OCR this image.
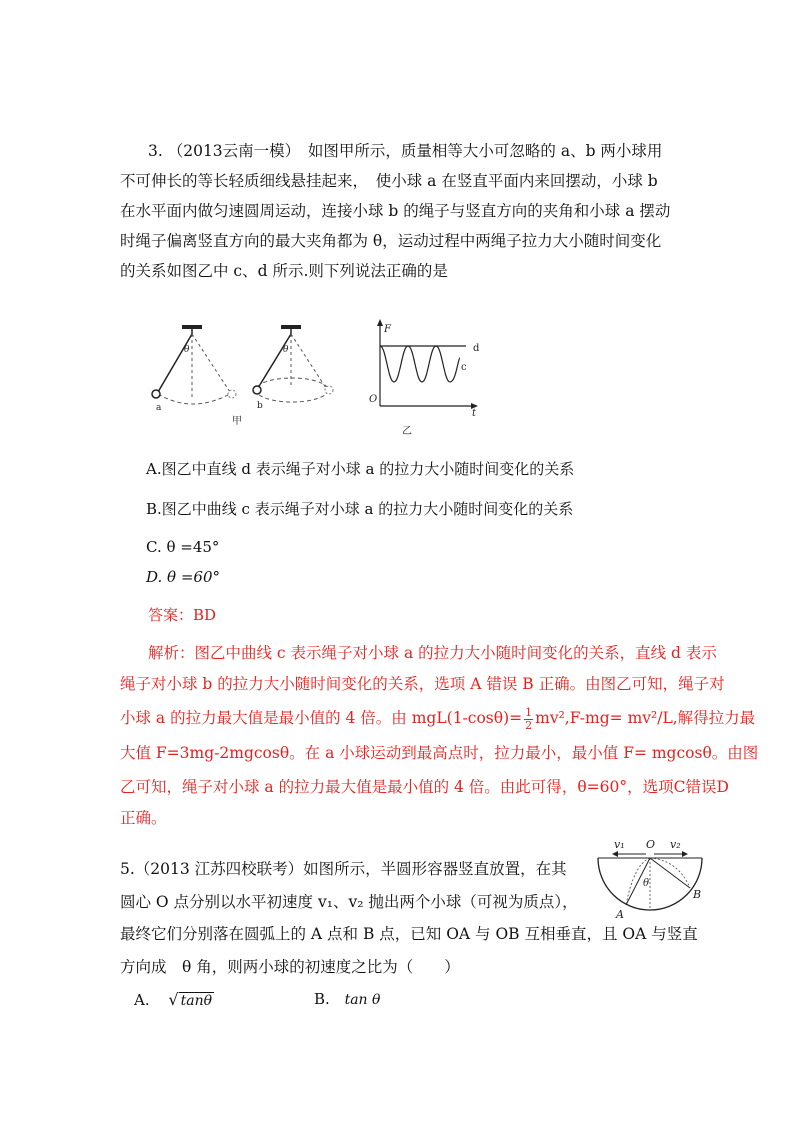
3. （2013云南一模）　如图甲所示，质量相等大小可忽略的 a、b 两小球用
不可伸长的等长轻质细线悬挂起来，　使小球 a 在竖直平面内来回摆动，小球 b
在水平面内做匀速圆周运动，连接小球 b 的绳子与竖直方向的夹角和小球 a 摆动
时绳子偏离竖直方向的最大夹角都为 θ，运动过程中两绳子拉力大小随时间变化
的关系如图乙中 c、d 所示.则下列说法正确的是
θ
a
θ
b
甲
F
t
O
d
c
乙
A.图乙中直线 d 表示绳子对小球 a 的拉力大小随时间变化的关系
B.图乙中曲线 c 表示绳子对小球 a 的拉力大小随时间变化的关系
C. θ =45°
D. θ =60°
答案：BD
解析：图乙中曲线 c 表示绳子对小球 a 的拉力大小随时间变化的关系，直线 d 表示
绳子对小球 b 的拉力大小随时间变化的关系，选项 A 错误 B 正确。由图乙可知，绳子对
小球 a 的拉力最大值是最小值的 4 倍。由 $mgL(1-\cos\theta)= \frac{1}{2} mv^2,F-mg= mv^2/L$,解得拉力最
大值 F=3mg-2mgcosθ。在 a 小球运动到最高点时，拉力最小，最小值 F= mgcosθ。由图
乙可知，绳子对小球 a 的拉力最大值是最小值的 4 倍。由此可得，θ=60°，选项C错误D
正确。
5.（2013 江苏四校联考）如图所示，半圆形容器竖直放置，在其
圆心 O 点分别以水平初速度 v₁、v₂ 抛出两个小球（可视为质点），
最终它们分别落在圆弧上的 A 点和 B 点，已知 OA 与 OB 互相垂直，且 OA 与竖直
方向成　θ 角，则两小球的初速度之比为（　　）
v₁	v₂
O
θ
A
B
A. √ tanθ	B. tan θ
